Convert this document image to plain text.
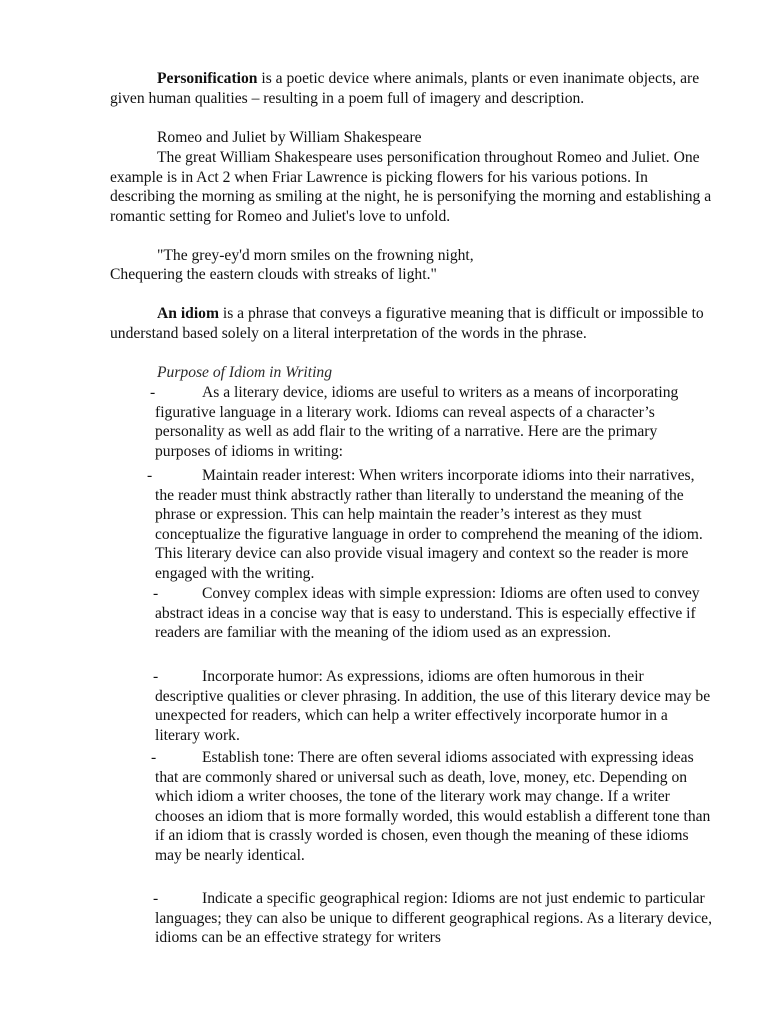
Personification is a poetic device where animals, plants or even inanimate objects, are given human qualities – resulting in a poem full of imagery and description.

Romeo and Juliet by William Shakespeare

The great William Shakespeare uses personification throughout Romeo and Juliet. One example is in Act 2 when Friar Lawrence is picking flowers for his various potions. In describing the morning as smiling at the night, he is personifying the morning and establishing a romantic setting for Romeo and Juliet's love to unfold.

"The grey-ey'd morn smiles on the frowning night,

Chequering the eastern clouds with streaks of light."

An idiom is a phrase that conveys a figurative meaning that is difficult or impossible to understand based solely on a literal interpretation of the words in the phrase.

Purpose of Idiom in Writing

-	As a literary device, idioms are useful to writers as a means of incorporating figurative language in a literary work. Idioms can reveal aspects of a character’s personality as well as add flair to the writing of a narrative. Here are the primary purposes of idioms in writing:

-	Maintain reader interest: When writers incorporate idioms into their narratives, the reader must think abstractly rather than literally to understand the meaning of the phrase or expression. This can help maintain the reader’s interest as they must conceptualize the figurative language in order to comprehend the meaning of the idiom. This literary device can also provide visual imagery and context so the reader is more engaged with the writing.

-	Convey complex ideas with simple expression: Idioms are often used to convey abstract ideas in a concise way that is easy to understand. This is especially effective if readers are familiar with the meaning of the idiom used as an expression.

-	Incorporate humor: As expressions, idioms are often humorous in their descriptive qualities or clever phrasing. In addition, the use of this literary device may be unexpected for readers, which can help a writer effectively incorporate humor in a literary work.

-	Establish tone: There are often several idioms associated with expressing ideas that are commonly shared or universal such as death, love, money, etc. Depending on which idiom a writer chooses, the tone of the literary work may change. If a writer chooses an idiom that is more formally worded, this would establish a different tone than if an idiom that is crassly worded is chosen, even though the meaning of these idioms may be nearly identical.

-	Indicate a specific geographical region: Idioms are not just endemic to particular languages; they can also be unique to different geographical regions. As a literary device, idioms can be an effective strategy for writers
